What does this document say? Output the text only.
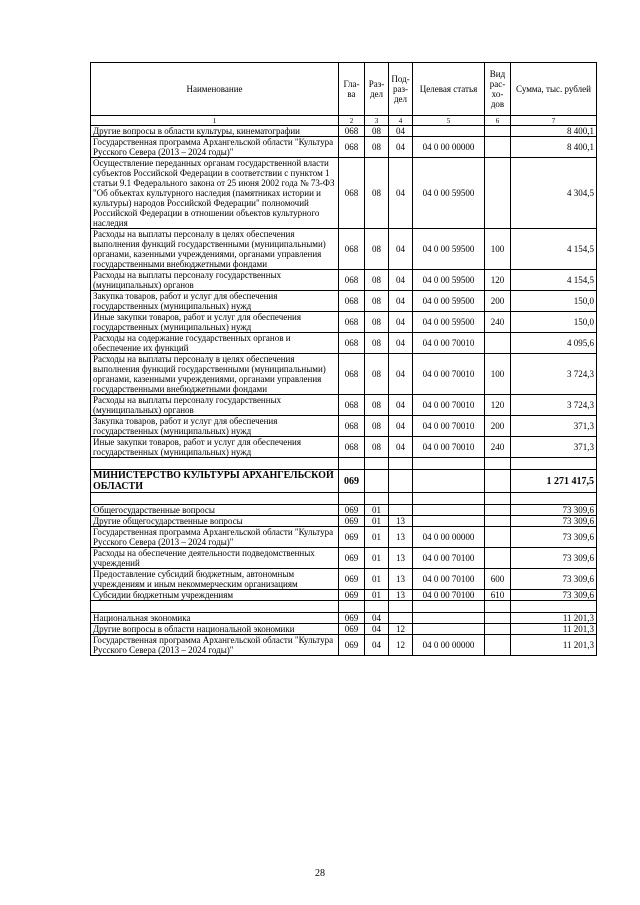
Наименование	Гла-ва	Раз-дел	Под-раз-дел	Целевая статья	Вид рас-хо-дов	Сумма, тыс. рублей
1	2	3	4	5	6	7
Другие вопросы в области культуры, кинематографии	068	08	04			8 400,1
Государственная программа Архангельской области "Культура Русского Севера (2013 – 2024 годы)"	068	08	04	04 0 00 00000		8 400,1
Осуществление переданных органам государственной власти субъектов Российской Федерации в соответствии с пунктом 1 статьи 9.1 Федерального закона от 25 июня 2002 года № 73-ФЗ "Об объектах культурного наследия (памятниках истории и культуры) народов Российской Федерации" полномочий Российской Федерации в отношении объектов культурного наследия	068	08	04	04 0 00 59500		4 304,5
Расходы на выплаты персоналу в целях обеспечения выполнения функций государственными (муниципальными) органами, казенными учреждениями, органами управления государственными внебюджетными фондами	068	08	04	04 0 00 59500	100	4 154,5
Расходы на выплаты персоналу государственных (муниципальных) органов	068	08	04	04 0 00 59500	120	4 154,5
Закупка товаров, работ и услуг для обеспечения государственных (муниципальных) нужд	068	08	04	04 0 00 59500	200	150,0
Иные закупки товаров, работ и услуг для обеспечения государственных (муниципальных) нужд	068	08	04	04 0 00 59500	240	150,0
Расходы на содержание государственных органов и обеспечение их функций	068	08	04	04 0 00 70010		4 095,6
Расходы на выплаты персоналу в целях обеспечения выполнения функций государственными (муниципальными) органами, казенными учреждениями, органами управления государственными внебюджетными фондами	068	08	04	04 0 00 70010	100	3 724,3
Расходы на выплаты персоналу государственных (муниципальных) органов	068	08	04	04 0 00 70010	120	3 724,3
Закупка товаров, работ и услуг для обеспечения государственных (муниципальных) нужд	068	08	04	04 0 00 70010	200	371,3
Иные закупки товаров, работ и услуг для обеспечения государственных (муниципальных) нужд	068	08	04	04 0 00 70010	240	371,3

МИНИСТЕРСТВО КУЛЬТУРЫ АРХАНГЕЛЬСКОЙ ОБЛАСТИ	069					1 271 417,5

Общегосударственные вопросы	069	01				73 309,6
Другие общегосударственные вопросы	069	01	13			73 309,6
Государственная программа Архангельской области "Культура Русского Севера (2013 – 2024 годы)"	069	01	13	04 0 00 00000		73 309,6
Расходы на обеспечение деятельности подведомственных учреждений	069	01	13	04 0 00 70100		73 309,6
Предоставление субсидий бюджетным, автономным учреждениям и иным некоммерческим организациям	069	01	13	04 0 00 70100	600	73 309,6
Субсидии бюджетным учреждениям	069	01	13	04 0 00 70100	610	73 309,6

Национальная экономика	069	04				11 201,3
Другие вопросы в области национальной экономики	069	04	12			11 201,3
Государственная программа Архангельской области "Культура Русского Севера (2013 – 2024 годы)"	069	04	12	04 0 00 00000		11 201,3
28
